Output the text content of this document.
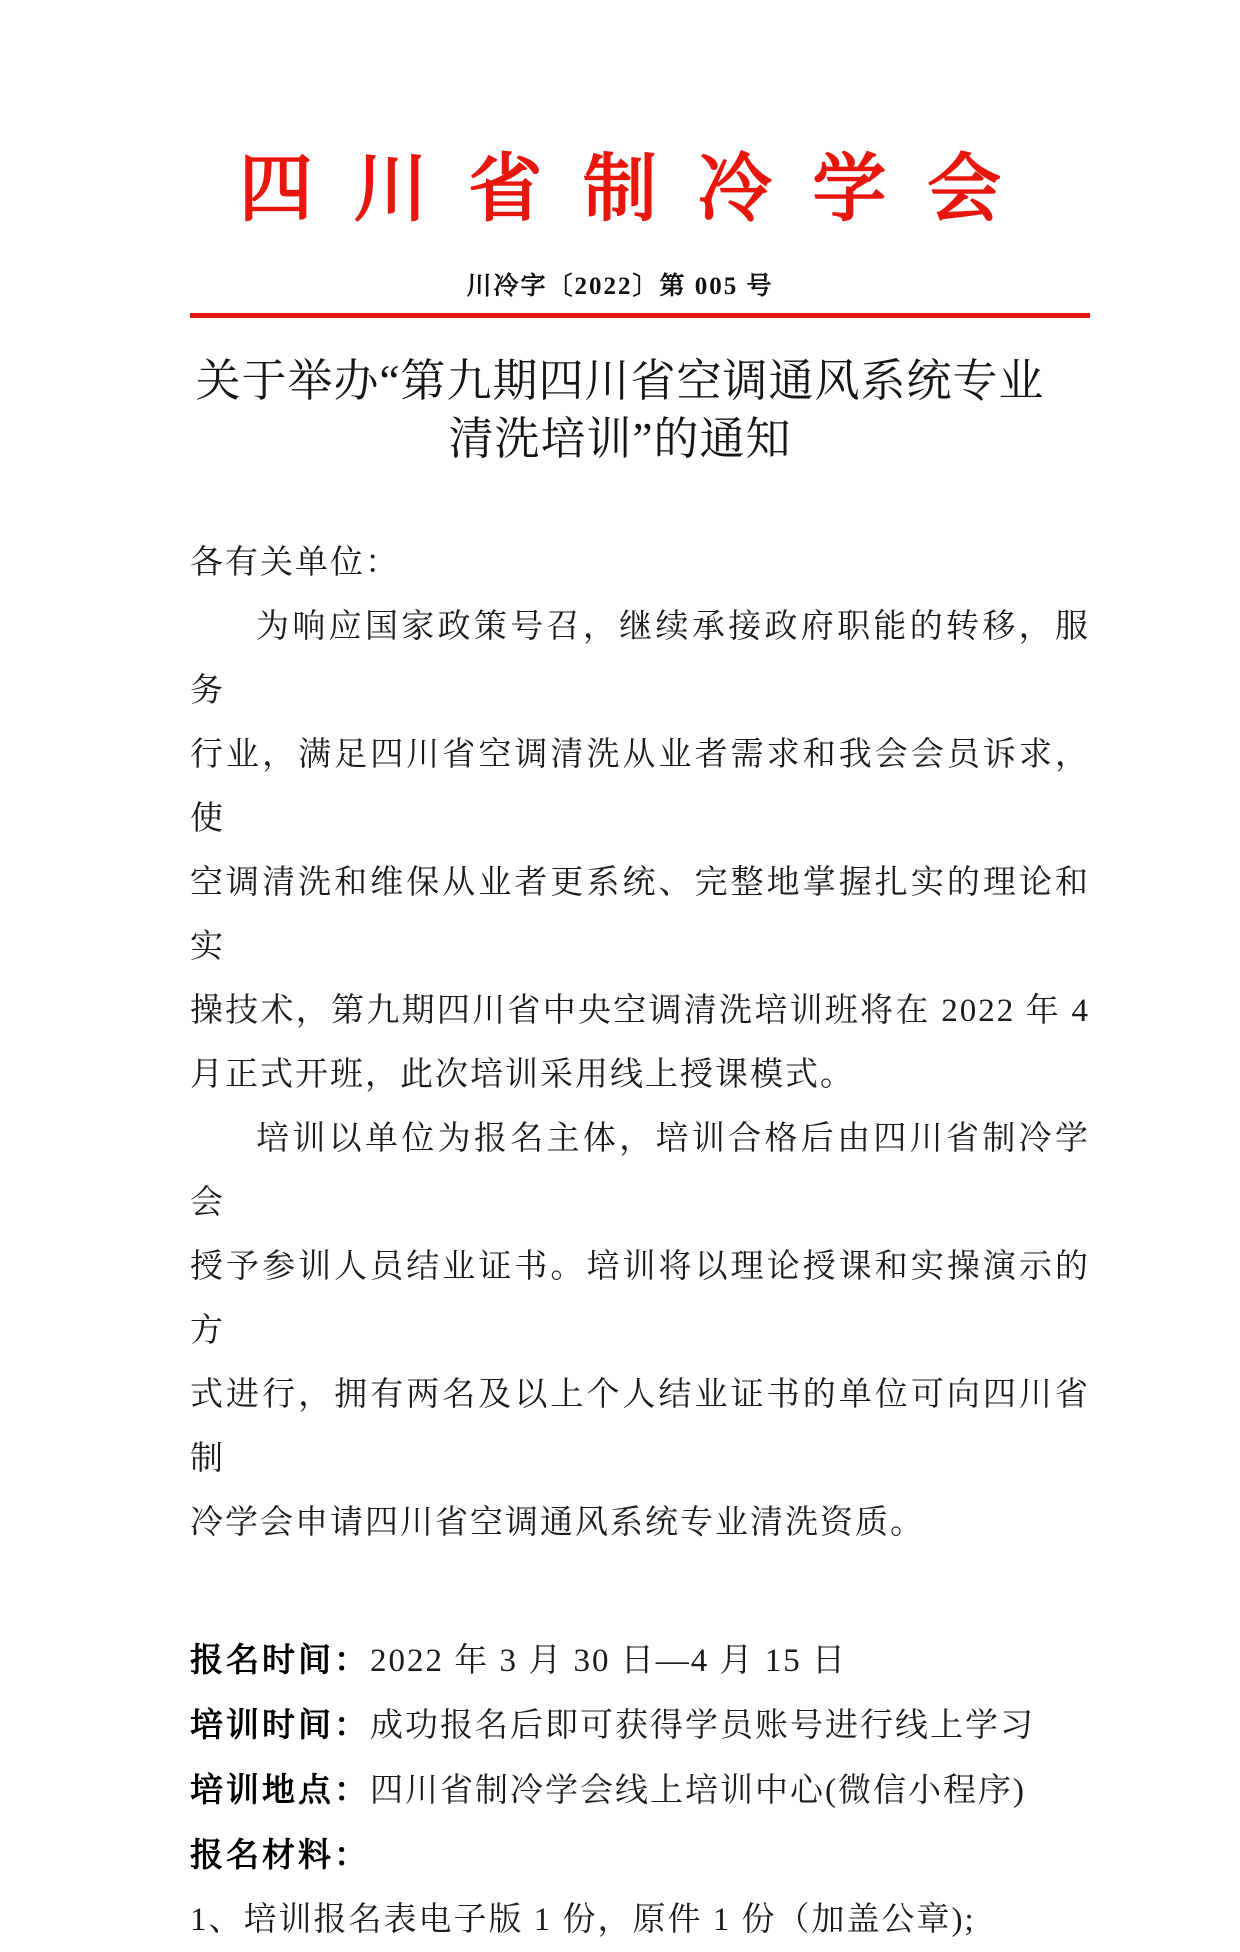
四川省制冷学会
川冷字〔2022〕第 005 号
关于举办“第九期四川省空调通风系统专业
清洗培训”的通知
各有关单位：
为响应国家政策号召，继续承接政府职能的转移，服务
行业，满足四川省空调清洗从业者需求和我会会员诉求，使
空调清洗和维保从业者更系统、完整地掌握扎实的理论和实
操技术，第九期四川省中央空调清洗培训班将在 2022 年 4
月正式开班，此次培训采用线上授课模式。
培训以单位为报名主体，培训合格后由四川省制冷学会
授予参训人员结业证书。培训将以理论授课和实操演示的方
式进行，拥有两名及以上个人结业证书的单位可向四川省制
冷学会申请四川省空调通风系统专业清洗资质。
报名时间：2022 年 3 月 30 日—4 月 15 日
培训时间：成功报名后即可获得学员账号进行线上学习
培训地点：四川省制冷学会线上培训中心(微信小程序)
报名材料：
1、培训报名表电子版 1 份，原件 1 份（加盖公章);
